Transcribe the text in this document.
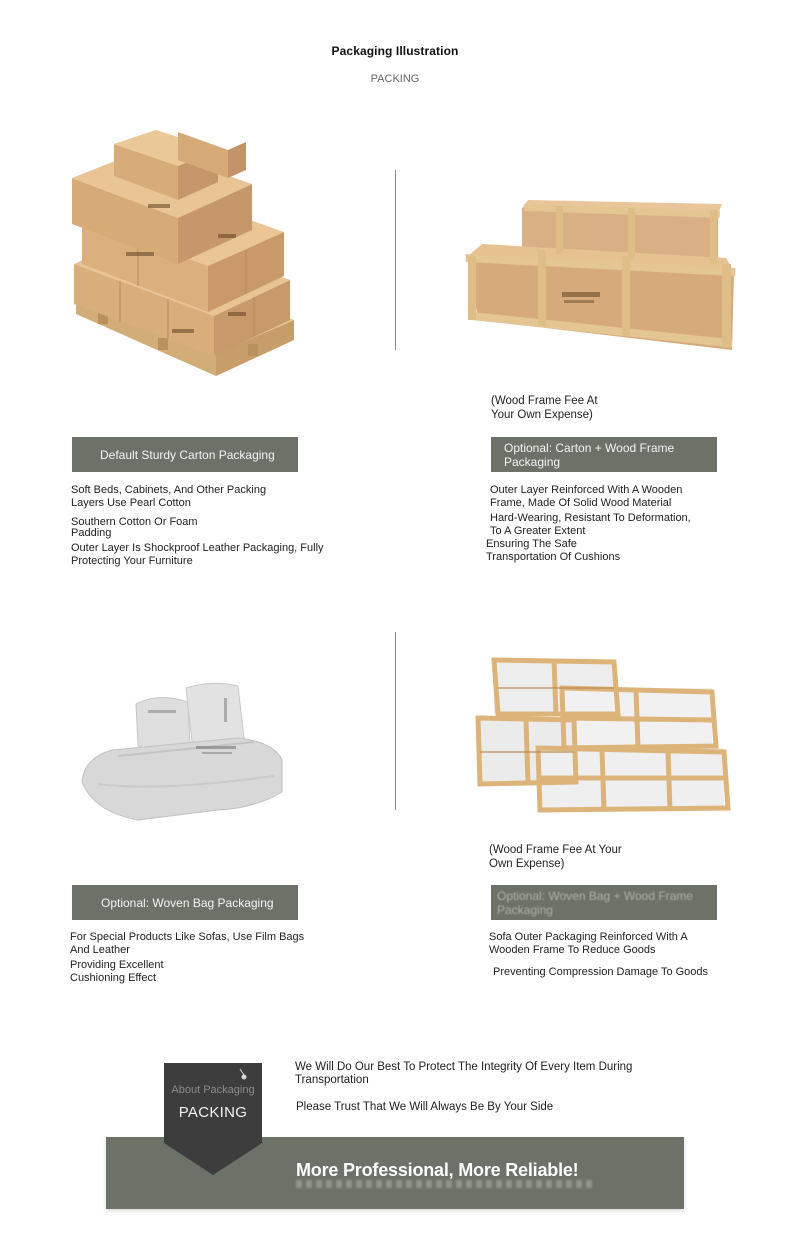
Packaging Illustration
PACKING
Default Sturdy Carton Packaging
Soft Beds, Cabinets, And Other Packing
Layers Use Pearl Cotton
Southern Cotton Or Foam
Padding
Outer Layer Is Shockproof Leather Packaging, Fully
Protecting Your Furniture
(Wood Frame Fee At
Your Own Expense)
Optional: Carton + Wood Frame Packaging
Outer Layer Reinforced With A Wooden
Frame, Made Of Solid Wood Material
Hard-Wearing, Resistant To Deformation,
To A Greater Extent
Ensuring The Safe
Transportation Of Cushions
Optional: Woven Bag Packaging
For Special Products Like Sofas, Use Film Bags
And Leather
Providing Excellent
Cushioning Effect
(Wood Frame Fee At Your
Own Expense)
Optional: Woven Bag + Wood Frame Packaging
Sofa Outer Packaging Reinforced With A
Wooden Frame To Reduce Goods
Preventing Compression Damage To Goods
We Will Do Our Best To Protect The Integrity Of Every Item During
Transportation
Please Trust That We Will Always Be By Your Side
More Professional, More Reliable!
About Packaging
PACKING
